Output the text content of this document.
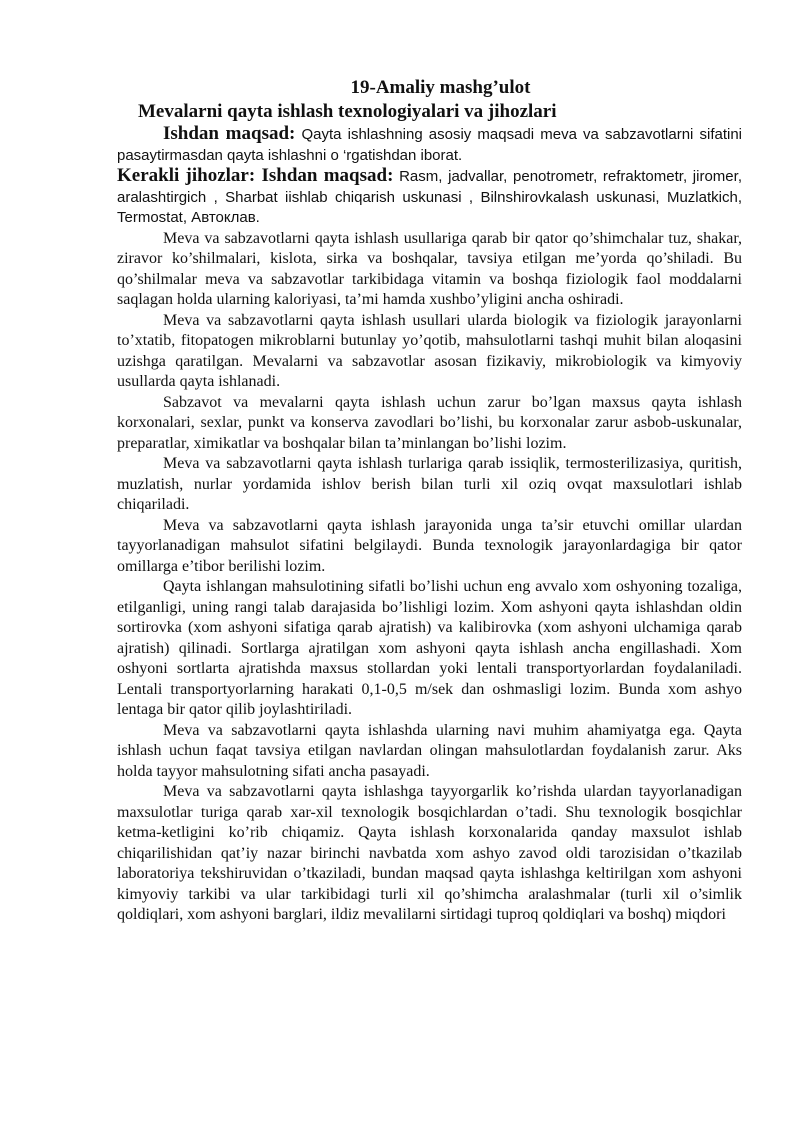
19-Amaliy mashg’ulot

Mevalarni qayta ishlash texnologiyalari va jihozlari

Ishdan maqsad: Qayta ishlashning asosiy maqsadi meva va sabzavotlarni sifatini pasaytirmasdan qayta ishlashni o ‘rgatishdan iborat.

Kerakli jihozlar: Ishdan maqsad: Rasm, jadvallar, penotrometr, refraktometr, jiromer, aralashtirgich , Sharbat iishlab chiqarish uskunasi , Bilnshirovkalash uskunasi, Muzlatkich, Termostat, Автоклав.

Meva va sabzavotlarni qayta ishlash usullariga qarab bir qator qo’shimchalar tuz, shakar, ziravor ko’shilmalari, kislota, sirka va boshqalar, tavsiya etilgan me’yorda qo’shiladi. Bu qo’shilmalar meva va sabzavotlar tarkibidaga vitamin va boshqa fiziologik faol moddalarni saqlagan holda ularning kaloriyasi, ta’mi hamda xushbo’yligini ancha oshiradi.

Meva va sabzavotlarni qayta ishlash usullari ularda biologik va fiziologik jarayonlarni to’xtatib, fitopatogen mikroblarni butunlay yo’qotib, mahsulotlarni tashqi muhit bilan aloqasini uzishga qaratilgan. Mevalarni va sabzavotlar asosan fizikaviy, mikrobiologik va kimyoviy usullarda qayta ishlanadi.

Sabzavot va mevalarni qayta ishlash uchun zarur bo’lgan maxsus qayta ishlash korxonalari, sexlar, punkt va konserva zavodlari bo’lishi, bu korxonalar zarur asbob-uskunalar, preparatlar, ximikatlar va boshqalar bilan ta’minlangan bo’lishi lozim.

Meva va sabzavotlarni qayta ishlash turlariga qarab issiqlik, termosterilizasiya, quritish, muzlatish, nurlar yordamida ishlov berish bilan turli xil oziq ovqat maxsulotlari ishlab chiqariladi.

Meva va sabzavotlarni qayta ishlash jarayonida unga ta’sir etuvchi omillar ulardan tayyorlanadigan mahsulot sifatini belgilaydi. Bunda texnologik jarayonlardagiga bir qator omillarga e’tibor berilishi lozim.

Qayta ishlangan mahsulotining sifatli bo’lishi uchun eng avvalo xom oshyoning tozaliga, etilganligi, uning rangi talab darajasida bo’lishligi lozim. Xom ashyoni qayta ishlashdan oldin sortirovka (xom ashyoni sifatiga qarab ajratish) va kalibirovka (xom ashyoni ulchamiga qarab ajratish) qilinadi. Sortlarga ajratilgan xom ashyoni qayta ishlash ancha engillashadi. Xom oshyoni sortlarta ajratishda maxsus stollardan yoki lentali transportyorlardan foydalaniladi. Lentali transportyorlarning harakati 0,1-0,5 m/sek dan oshmasligi lozim. Bunda xom ashyo lentaga bir qator qilib joylashtiriladi.

Meva va sabzavotlarni qayta ishlashda ularning navi muhim ahamiyatga ega. Qayta ishlash uchun faqat tavsiya etilgan navlardan olingan mahsulotlardan foydalanish zarur. Aks holda tayyor mahsulotning sifati ancha pasayadi.

Meva va sabzavotlarni qayta ishlashga tayyorgarlik ko’rishda ulardan tayyorlanadigan maxsulotlar turiga qarab xar-xil texnologik bosqichlardan o’tadi. Shu texnologik bosqichlar ketma-ketligini ko’rib chiqamiz. Qayta ishlash korxonalarida qanday maxsulot ishlab chiqarilishidan qat’iy nazar birinchi navbatda xom ashyo zavod oldi tarozisidan o’tkazilab laboratoriya tekshiruvidan o’tkaziladi, bundan maqsad qayta ishlashga keltirilgan xom ashyoni kimyoviy tarkibi va ular tarkibidagi turli xil qo’shimcha aralashmalar (turli xil o’simlik qoldiqlari, xom ashyoni barglari, ildiz mevalilarni sirtidagi tuproq qoldiqlari va boshq) miqdori
